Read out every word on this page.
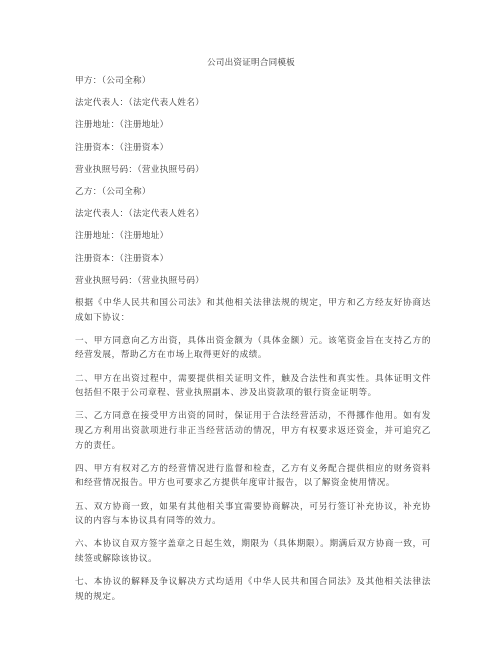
公司出资证明合同模板
甲方：（公司全称）
法定代表人：（法定代表人姓名）
注册地址：（注册地址）
注册资本：（注册资本）
营业执照号码：（营业执照号码）
乙方：（公司全称）
法定代表人：（法定代表人姓名）
注册地址：（注册地址）
注册资本：（注册资本）
营业执照号码：（营业执照号码）

根据《中华人民共和国公司法》和其他相关法律法规的规定，甲方和乙方经友好协商达成如下协议：

一、甲方同意向乙方出资，具体出资金额为（具体金额）元。该笔资金旨在支持乙方的经营发展，帮助乙方在市场上取得更好的成绩。

二、甲方在出资过程中，需要提供相关证明文件，触及合法性和真实性。具体证明文件包括但不限于公司章程、营业执照副本、涉及出资款项的银行资金证明等。

三、乙方同意在接受甲方出资的同时，保证用于合法经营活动，不得挪作他用。如有发现乙方利用出资款项进行非正当经营活动的情况，甲方有权要求返还资金，并可追究乙方的责任。

四、甲方有权对乙方的经营情况进行监督和检查，乙方有义务配合提供相应的财务资料和经营情况报告。甲方也可要求乙方提供年度审计报告，以了解资金使用情况。

五、双方协商一致，如果有其他相关事宜需要协商解决，可另行签订补充协议，补充协议的内容与本协议具有同等的效力。

六、本协议自双方签字盖章之日起生效，期限为（具体期限）。期满后双方协商一致，可续签或解除该协议。

七、本协议的解释及争议解决方式均适用《中华人民共和国合同法》及其他相关法律法规的规定。
